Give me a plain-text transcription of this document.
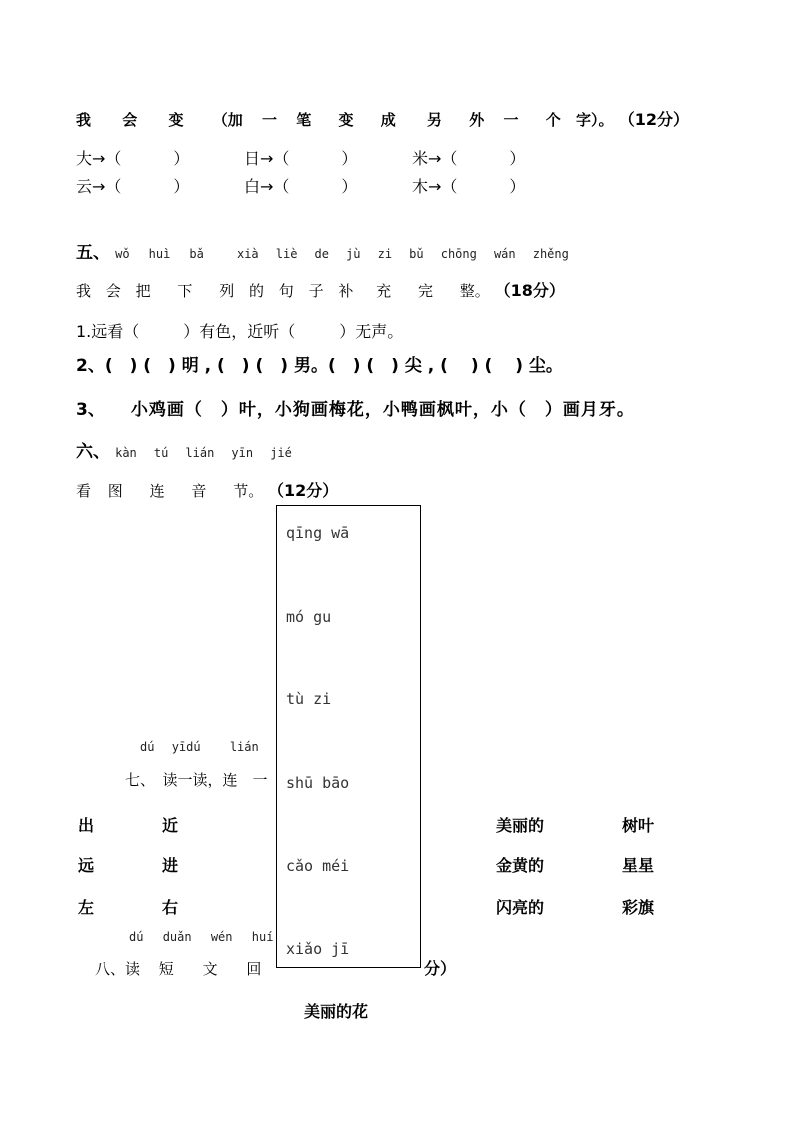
我 会 变 （加 一 笔 变 成 另 外 一 个 字）。 （12分）
大→（	）	日→（	）	米→（	）
云→（	）	白→（	）	木→（	）
五、 wǒ huì bǎ	xià liè de jù zi bǔ chōng wán zhěng
我 会 把 下 列 的 句 子 补 充 完 整。 （18分）
1.远看（	）有色，近听（	）无声。
2、(　) (　) 明 , (　) (　) 男。(　) (　) 尖 , (　 ) (　 ) 尘。
3、 小鸡画（　）叶，小狗画梅花，小鸭画枫叶，小（　）画月牙。
六、 kàn tú lián yīn jié
看 图 连 音 节。 （12分）
dú yīdú lián
七、　读一读，连　一
出	近
远	进
左	右
美丽的	树叶
金黄的	星星
闪亮的	彩旗
dú duǎn wén huí
八、读 短 文 回	分）
美丽的花
qīng wā
mó gu
tù zi
shū bāo
cǎo méi
xiǎo jī
